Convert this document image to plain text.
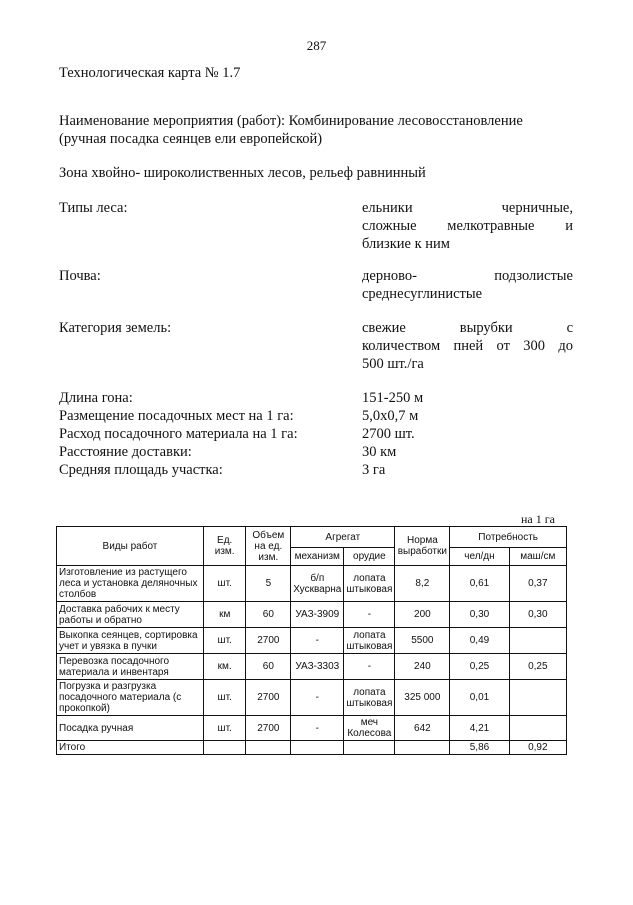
287
Технологическая карта № 1.7
Наименование мероприятия (работ): Комбинирование лесовосстановление
(ручная посадка сеянцев ели европейской)
Зона хвойно- широколиственных лесов, рельеф равнинный
Типы леса:	ельники черничные,
сложные мелкотравные и
близкие к ним
Почва:	дерново- подзолистые
среднесуглинистые
Категория земель:	свежие вырубки с
количеством пней от 300 до
500 шт./га
Длина гона:	151-250 м
Размещение посадочных мест на 1 га:	5,0х0,7 м
Расход посадочного материала на 1 га:	2700 шт.
Расстояние доставки:	30 км
Средняя площадь участка:	3 га
на 1 га
Виды работ	Ед. изм.	Объем на ед. изм.	Агрегат		Норма выработки	Потребность	
			механизм	орудие		чел/дн	маш/см
Изготовление из растущего леса и установка деляночных столбов	шт.	5	б/п Хускварна	лопата штыковая	8,2	0,61	0,37
Доставка рабочих к месту работы и обратно	км	60	УАЗ-3909	-	200	0,30	0,30
Выкопка сеянцев, сортировка учет и увязка в пучки	шт.	2700	-	лопата штыковая	5500	0,49	
Перевозка посадочного материала и инвентаря	км.	60	УАЗ-3303	-	240	0,25	0,25
Погрузка и разгрузка посадочного материала (с прокопкой)	шт.	2700	-	лопата штыковая	325 000	0,01	
Посадка ручная	шт.	2700	-	меч Колесова	642	4,21	
Итого						5,86	0,92
